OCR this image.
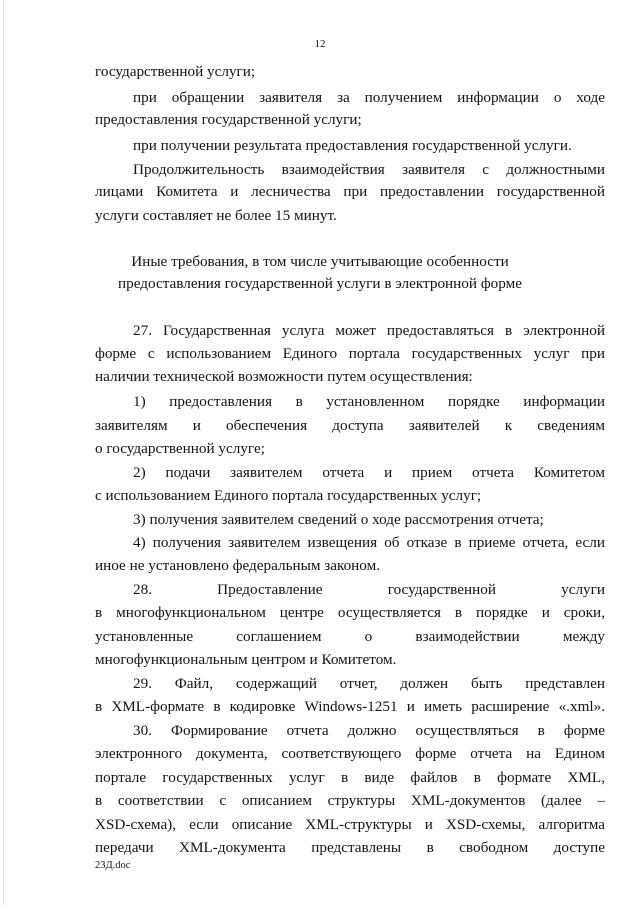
12
государственной услуги;
при обращении заявителя за получением информации о ходе
предоставления государственной услуги;
при получении результата предоставления государственной услуги.
Продолжительность взаимодействия заявителя с должностными
лицами Комитета и лесничества при предоставлении государственной
услуги составляет не более 15 минут.
Иные требования, в том числе учитывающие особенности
предоставления государственной услуги в электронной форме
27. Государственная услуга может предоставляться в электронной
форме с использованием Единого портала государственных услуг при
наличии технической возможности путем осуществления:
1) предоставления в установленном порядке информации
заявителям и обеспечения доступа заявителей к сведениям
о государственной услуге;
2) подачи заявителем отчета и прием отчета Комитетом
с использованием Единого портала государственных услуг;
3) получения заявителем сведений о ходе рассмотрения отчета;
4) получения заявителем извещения об отказе в приеме отчета, если
иное не установлено федеральным законом.
28. Предоставление государственной услуги
в многофункциональном центре осуществляется в порядке и сроки,
установленные соглашением о взаимодействии между
многофункциональным центром и Комитетом.
29. Файл, содержащий отчет, должен быть представлен
в XML-формате в кодировке Windows-1251 и иметь расширение «.xml».
30. Формирование отчета должно осуществляться в форме
электронного документа, соответствующего форме отчета на Едином
портале государственных услуг в виде файлов в формате XML,
в соответствии с описанием структуры XML-документов (далее –
XSD-схема), если описание XML-структуры и XSD-схемы, алгоритма
передачи XML-документа представлены в свободном доступе
23Д.doc
